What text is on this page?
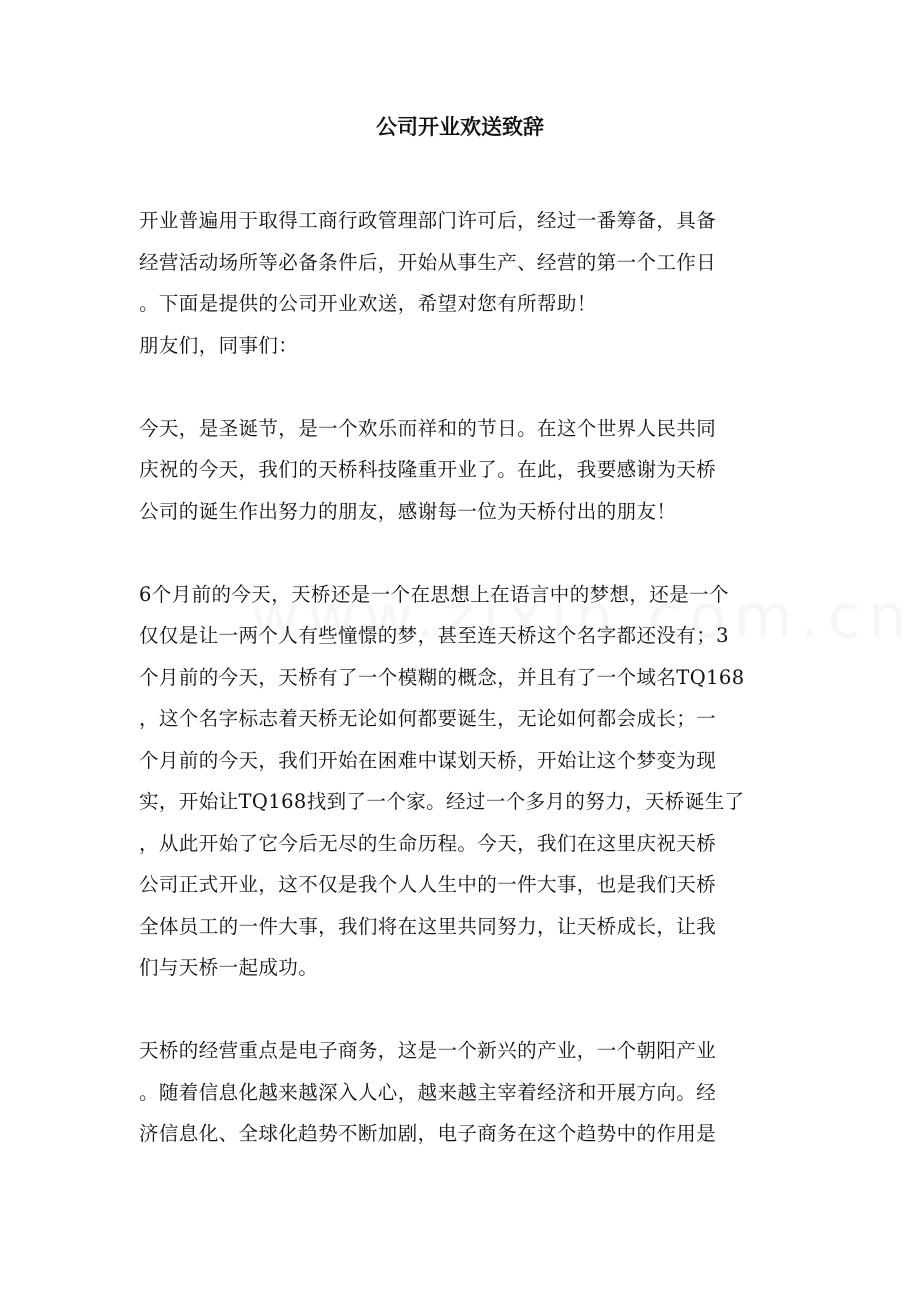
公司开业欢送致辞
开业普遍用于取得工商行政管理部门许可后，经过一番筹备，具备
经营活动场所等必备条件后，开始从事生产、经营的第一个工作日
。下面是提供的公司开业欢送，希望对您有所帮助！
朋友们，同事们：
今天，是圣诞节，是一个欢乐而祥和的节日。在这个世界人民共同
庆祝的今天，我们的天桥科技隆重开业了。在此，我要感谢为天桥
公司的诞生作出努力的朋友，感谢每一位为天桥付出的朋友！
6个月前的今天，天桥还是一个在思想上在语言中的梦想，还是一个
仅仅是让一两个人有些憧憬的梦，甚至连天桥这个名字都还没有；3
个月前的今天，天桥有了一个模糊的概念，并且有了一个域名TQ168
，这个名字标志着天桥无论如何都要诞生，无论如何都会成长；一
个月前的今天，我们开始在困难中谋划天桥，开始让这个梦变为现
实，开始让TQ168找到了一个家。经过一个多月的努力，天桥诞生了
，从此开始了它今后无尽的生命历程。今天，我们在这里庆祝天桥
公司正式开业，这不仅是我个人人生中的一件大事，也是我们天桥
全体员工的一件大事，我们将在这里共同努力，让天桥成长，让我
们与天桥一起成功。
天桥的经营重点是电子商务，这是一个新兴的产业，一个朝阳产业
。随着信息化越来越深入人心，越来越主宰着经济和开展方向。经
济信息化、全球化趋势不断加剧，电子商务在这个趋势中的作用是
